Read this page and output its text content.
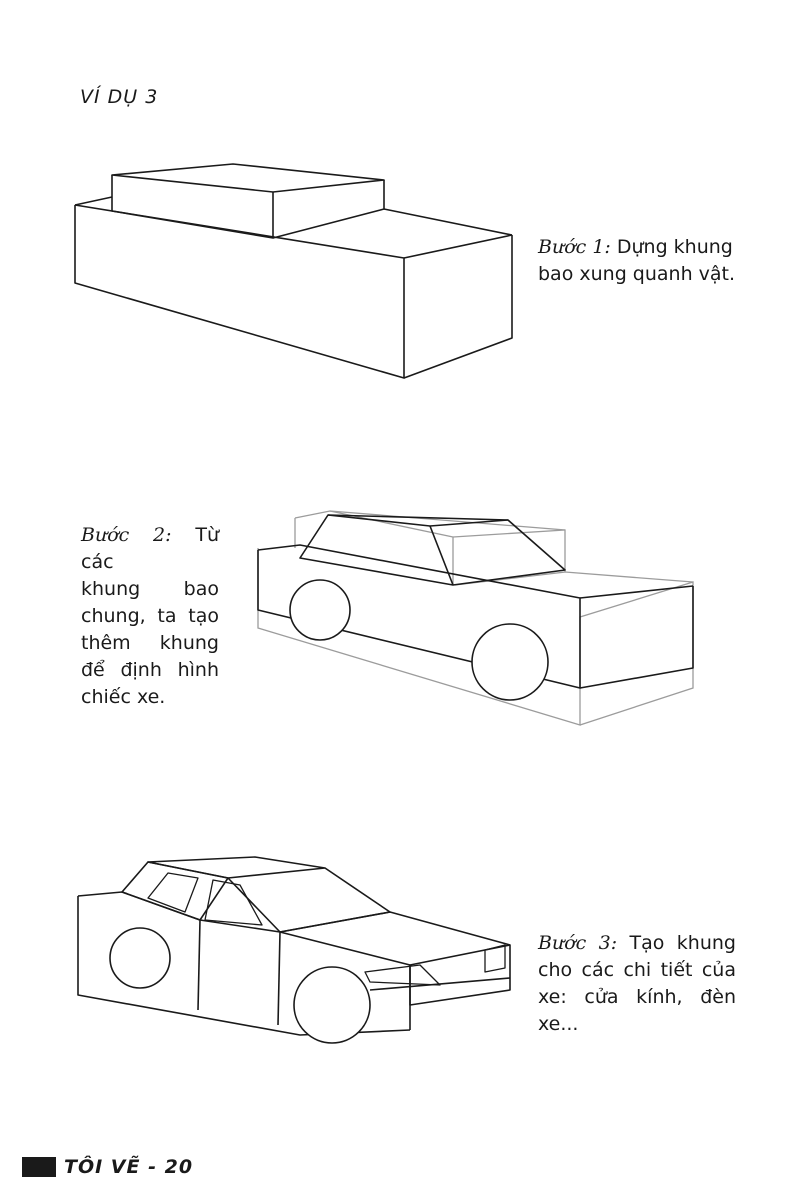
VÍ DỤ 3
Bước 1: Dựng khung bao xung quanh vật.
Bước 2: Từ các
khung bao
chung, ta tạo
thêm khung
để định hình
chiếc xe.
Bước 3: Tạo khung cho các chi tiết của xe: cửa kính, đèn xe...
TÔI VẼ - 20
